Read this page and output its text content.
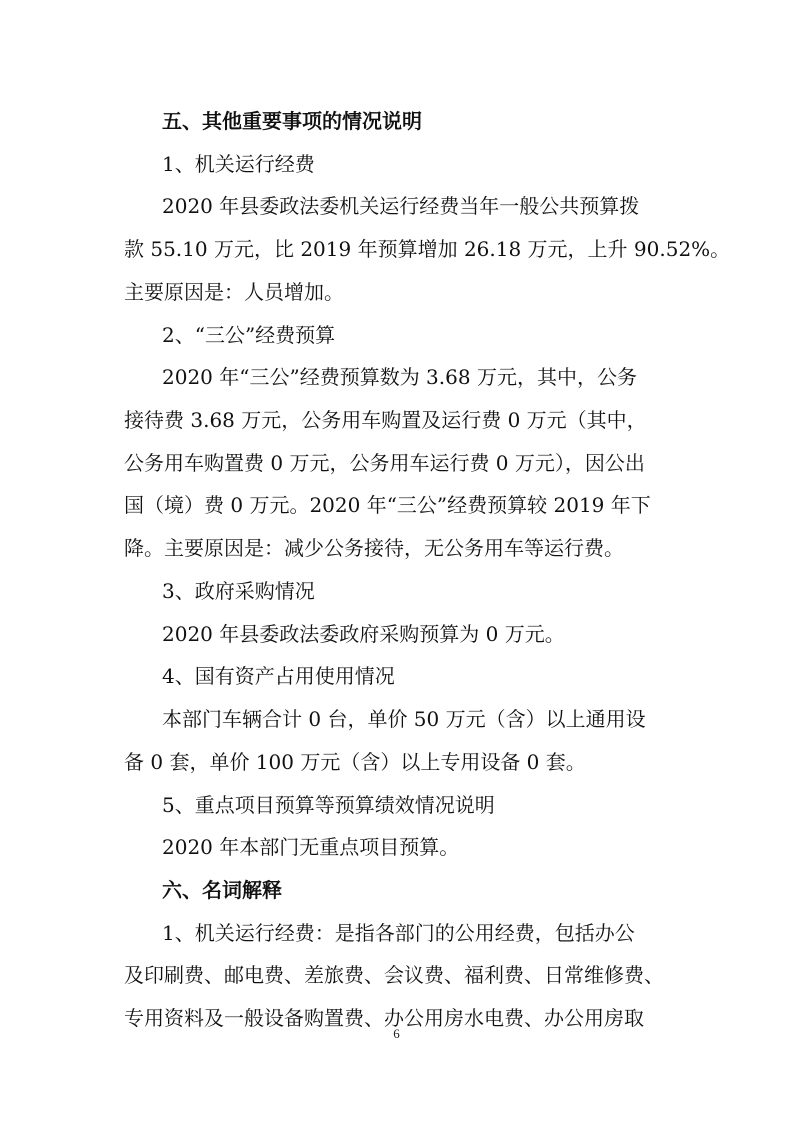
五、其他重要事项的情况说明
1、机关运行经费
2020 年县委政法委机关运行经费当年一般公共预算拨
款 55.10 万元，比 2019 年预算增加 26.18 万元，上升 90.52%。
主要原因是：人员增加。
2、“三公”经费预算
2020 年“三公”经费预算数为 3.68 万元，其中，公务
接待费 3.68 万元，公务用车购置及运行费 0 万元（其中，
公务用车购置费 0 万元，公务用车运行费 0 万元），因公出
国（境）费 0 万元。2020 年“三公”经费预算较 2019 年下
降。主要原因是：减少公务接待，无公务用车等运行费。
3、政府采购情况
2020 年县委政法委政府采购预算为 0 万元。
4、国有资产占用使用情况
本部门车辆合计 0 台，单价 50 万元（含）以上通用设
备 0 套，单价 100 万元（含）以上专用设备 0 套。
5、重点项目预算等预算绩效情况说明
2020 年本部门无重点项目预算。
六、名词解释
1、机关运行经费：是指各部门的公用经费，包括办公
及印刷费、邮电费、差旅费、会议费、福利费、日常维修费、
专用资料及一般设备购置费、办公用房水电费、办公用房取
6
